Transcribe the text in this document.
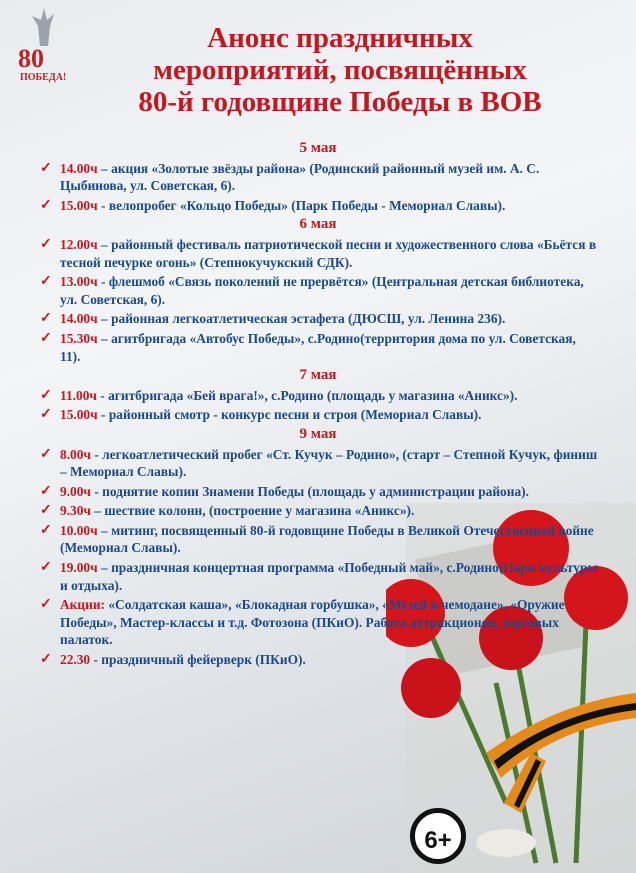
80
ПОБЕДА!
Анонс праздничных
мероприятий, посвящённых
80-й годовщине Победы в ВОВ
5 мая
✓ 14.00ч – акция «Золотые звёзды района» (Родинский районный музей им. А. С. Цыбинова, ул. Советская, 6).
✓ 15.00ч - велопробег «Кольцо Победы» (Парк Победы - Мемориал Славы).
6 мая
✓ 12.00ч – районный фестиваль патриотической песни и художественного слова «Бьётся в тесной печурке огонь» (Степнокучукский СДК).
✓ 13.00ч - флешмоб «Связь поколений не прервётся» (Центральная детская библиотека, ул. Советская, 6).
✓ 14.00ч – районная легкоатлетическая эстафета (ДЮСШ, ул. Ленина 236).
✓ 15.30ч – агитбригада «Автобус Победы», с.Родино(территория дома по ул. Советская, 11).
7 мая
✓ 11.00ч - агитбригада «Бей врага!», с.Родино (площадь у магазина «Аникс»).
✓ 15.00ч - районный смотр - конкурс песни и строя (Мемориал Славы).
9 мая
✓ 8.00ч - легкоатлетический пробег «Ст. Кучук – Родино», (старт – Степной Кучук, финиш – Мемориал Славы).
✓ 9.00ч - поднятие копии Знамени Победы (площадь у администрации района).
✓ 9.30ч – шествие колонн, (построение у магазина «Аникс»).
✓ 10.00ч – митинг, посвященный 80-й годовщине Победы в Великой Отечественной войне (Мемориал Славы).
✓ 19.00ч – праздничная концертная программа «Победный май», с.Родино(Парк культуры и отдыха).
✓ Акции: «Солдатская каша», «Блокадная горбушка», «Музей в чемодане», «Оружие Победы», Мастер-классы и т.д. Фотозона (ПКиО). Работа аттракционов, торговых палаток.
✓ 22.30 - праздничный фейерверк (ПКиО).
6+
